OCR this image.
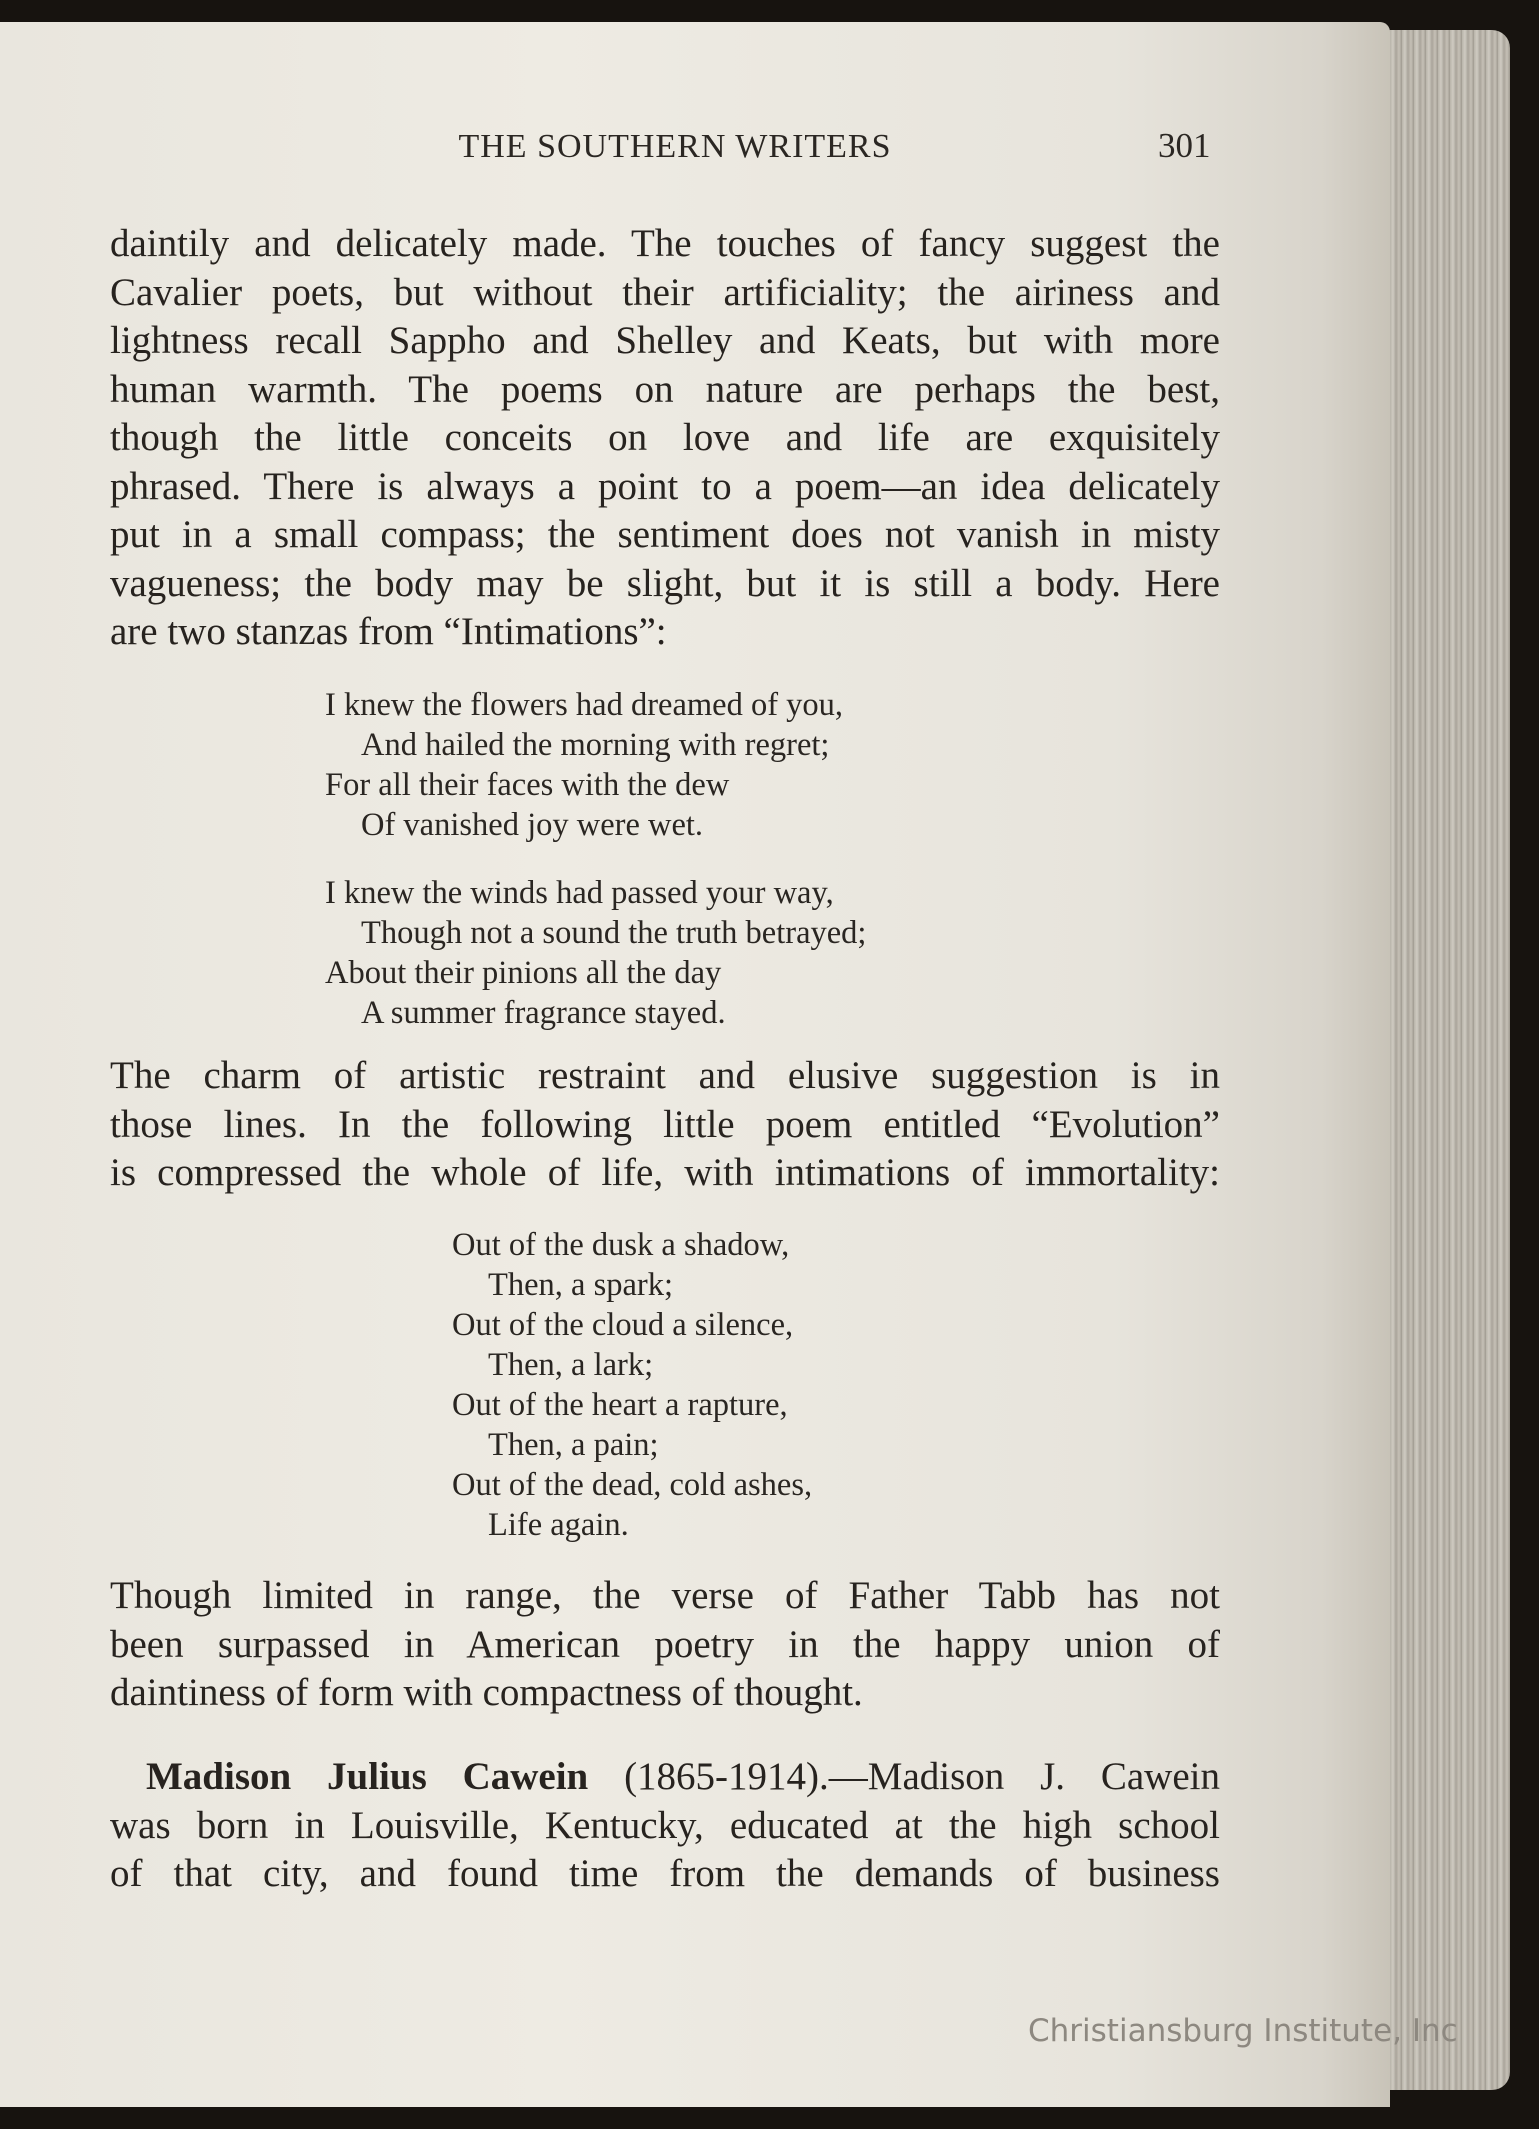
THE SOUTHERN WRITERS	301
daintily and delicately made. The touches of fancy suggest the
Cavalier poets, but without their artificiality; the airiness and
lightness recall Sappho and Shelley and Keats, but with more
human warmth. The poems on nature are perhaps the best,
though the little conceits on love and life are exquisitely
phrased. There is always a point to a poem—an idea delicately
put in a small compass; the sentiment does not vanish in misty
vagueness; the body may be slight, but it is still a body. Here
are two stanzas from “Intimations”:
I knew the flowers had dreamed of you,
And hailed the morning with regret;
For all their faces with the dew
Of vanished joy were wet.
I knew the winds had passed your way,
Though not a sound the truth betrayed;
About their pinions all the day
A summer fragrance stayed.
The charm of artistic restraint and elusive suggestion is in
those lines. In the following little poem entitled “Evolution”
is compressed the whole of life, with intimations of immortality:
Out of the dusk a shadow,
Then, a spark;
Out of the cloud a silence,
Then, a lark;
Out of the heart a rapture,
Then, a pain;
Out of the dead, cold ashes,
Life again.
Though limited in range, the verse of Father Tabb has not
been surpassed in American poetry in the happy union of
daintiness of form with compactness of thought.
Madison Julius Cawein (1865-1914).—Madison J. Cawein
was born in Louisville, Kentucky, educated at the high school
of that city, and found time from the demands of business
Christiansburg Institute, Inc
